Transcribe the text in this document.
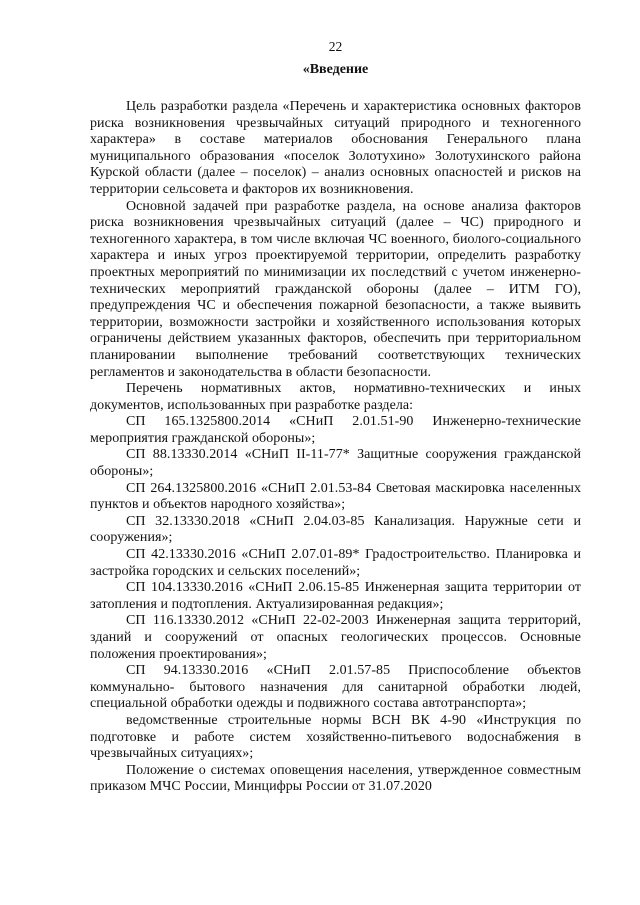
22
«Введение

Цель разработки раздела «Перечень и характеристика основных факторов риска возникновения чрезвычайных ситуаций природного и техногенного характера» в составе материалов обоснования Генерального плана муниципального образования «поселок Золотухино» Золотухинского района Курской области (далее – поселок) – анализ основных опасностей и рисков на территории сельсовета и факторов их возникновения.

Основной задачей при разработке раздела, на основе анализа факторов риска возникновения чрезвычайных ситуаций (далее – ЧС) природного и техногенного характера, в том числе включая ЧС военного, биолого-социального характера и иных угроз проектируемой территории, определить разработку проектных мероприятий по минимизации их последствий с учетом инженерно-технических мероприятий гражданской обороны (далее – ИТМ ГО), предупреждения ЧС и обеспечения пожарной безопасности, а также выявить территории, возможности застройки и хозяйственного использования которых ограничены действием указанных факторов, обеспечить при территориальном планировании выполнение требований соответствующих технических регламентов и законодательства в области безопасности.

Перечень нормативных актов, нормативно-технических и иных документов, использованных при разработке раздела:

СП 165.1325800.2014 «СНиП 2.01.51-90 Инженерно-технические мероприятия гражданской обороны»;

СП 88.13330.2014 «СНиП II-11-77* Защитные сооружения гражданской обороны»;

СП 264.1325800.2016 «СНиП 2.01.53-84 Световая маскировка населенных пунктов и объектов народного хозяйства»;

СП 32.13330.2018 «СНиП 2.04.03-85 Канализация. Наружные сети и сооружения»;

СП 42.13330.2016 «СНиП 2.07.01-89* Градостроительство. Планировка и застройка городских и сельских поселений»;

СП 104.13330.2016 «СНиП 2.06.15-85 Инженерная защита территории от затопления и подтопления. Актуализированная редакция»;

СП 116.13330.2012 «СНиП 22-02-2003 Инженерная защита территорий, зданий и сооружений от опасных геологических процессов. Основные положения проектирования»;

СП 94.13330.2016 «СНиП 2.01.57-85 Приспособление объектов коммунально- бытового назначения для санитарной обработки людей, специальной обработки одежды и подвижного состава автотранспорта»;

ведомственные строительные нормы ВСН ВК 4-90 «Инструкция по подготовке и работе систем хозяйственно-питьевого водоснабжения в чрезвычайных ситуациях»;

Положение о системах оповещения населения, утвержденное совместным приказом МЧС России, Минцифры России от 31.07.2020
